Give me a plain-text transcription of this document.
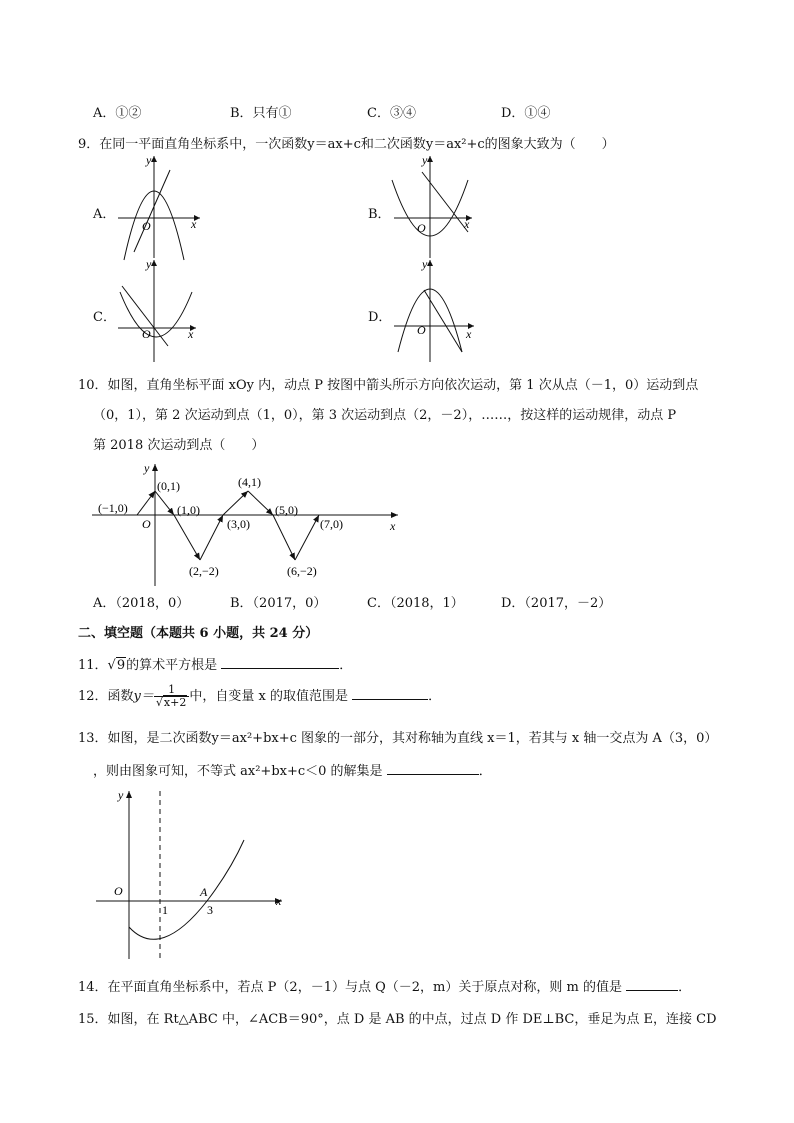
A．①②	B．只有①	C．③④	D．①④
9．在同一平面直角坐标系中，一次函数y＝ax+c和二次函数y＝ax²+c的图象大致为（　　）
A．
y
x
O
B．
y
x
O
C．
y
x
O
D．
y
x
O
10．如图，直角坐标平面 xOy 内，动点 P 按图中箭头所示方向依次运动，第 1 次从点（－1，0）运动到点
（0，1），第 2 次运动到点（1，0），第 3 次运动到点（2，－2），……，按这样的运动规律，动点 P
第 2018 次运动到点（　　）
(−1,0)
(0,1)
(1,0)
(2,−2)
(3,0)
(4,1)
(5,0)
(6,−2)
(7,0)
O
y
x
A．（2018，0）	B．（2017，0）	C．（2018，1）	D．（2017，－2）
二、填空题（本题共 6 小题，共 24 分）
11．√9的算术平方根是	．
12．函数$y= \frac{1}{√x+2}$ 中，自变量 x 的取值范围是	．
13．如图，是二次函数y＝ax²+bx+c 图象的一部分，其对称轴为直线 x＝1，若其与 x 轴一交点为 A（3，0）
，则由图象可知，不等式 ax²+bx+c＜0 的解集是	．
y
O
x
1	3
A
14．在平面直角坐标系中，若点 P（2，－1）与点 Q（－2，m）关于原点对称，则 m 的值是	．
15．如图，在 Rt△ABC 中，∠ACB＝90°，点 D 是 AB 的中点，过点 D 作 DE⊥BC，垂足为点 E，连接 CD
